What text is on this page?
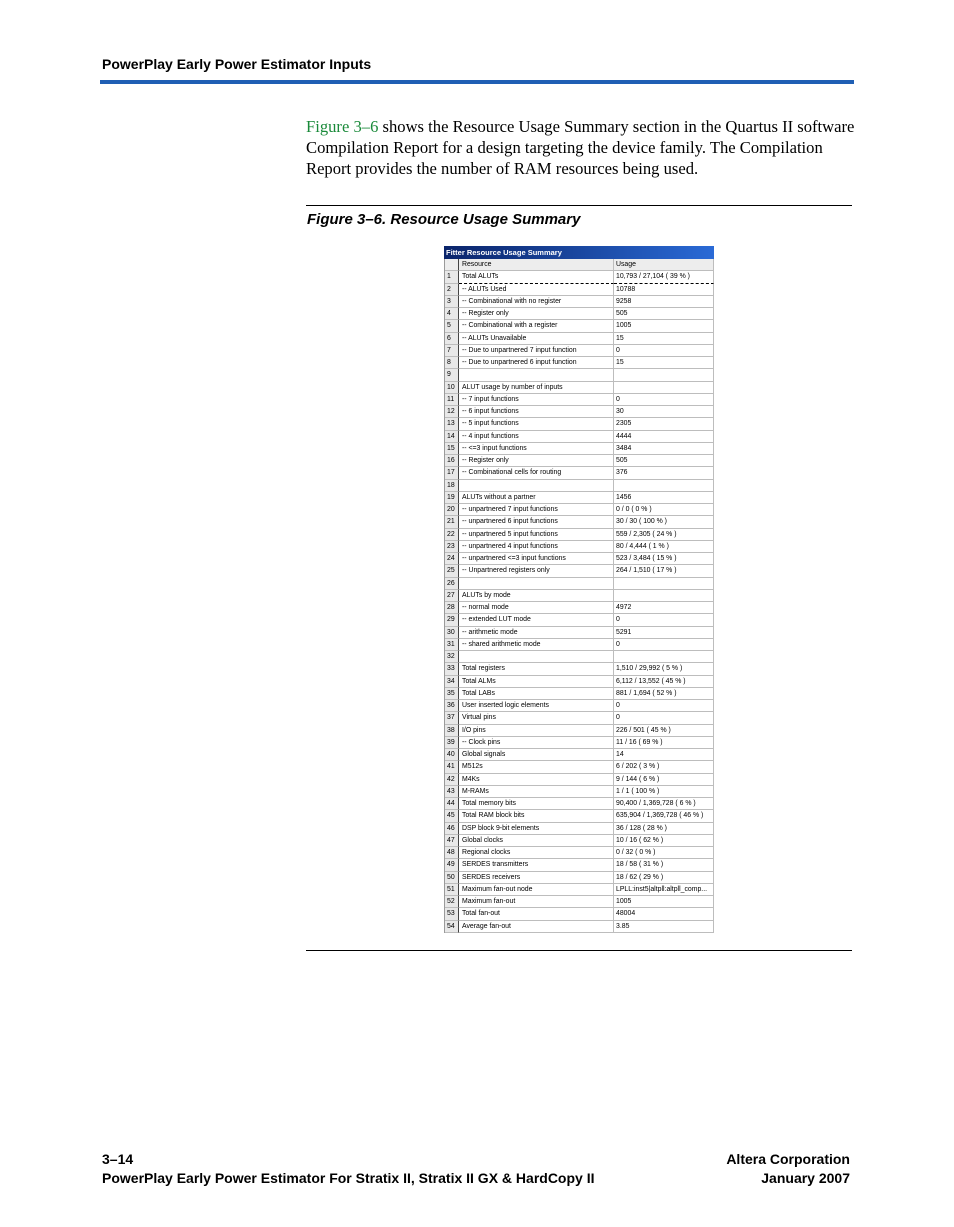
PowerPlay Early Power Estimator Inputs

Figure 3–6 shows the Resource Usage Summary section in the Quartus II software Compilation Report for a design targeting the device family. The Compilation Report provides the number of RAM resources being used.

Figure 3–6. Resource Usage Summary
Fitter Resource Usage Summary
Resource	Usage
1	Total ALUTs	10,793 / 27,104 ( 39 % )
2	-- ALUTs Used	10788
3	-- Combinational with no register	9258
4	-- Register only	505
5	-- Combinational with a register	1005
6	-- ALUTs Unavailable	15
7	-- Due to unpartnered 7 input function	0
8	-- Due to unpartnered 6 input function	15
9
10	ALUT usage by number of inputs
11	-- 7 input functions	0
12	-- 6 input functions	30
13	-- 5 input functions	2305
14	-- 4 input functions	4444
15	-- <=3 input functions	3484
16	-- Register only	505
17	-- Combinational cells for routing	376
18
19	ALUTs without a partner	1456
20	-- unpartnered 7 input functions	0 / 0 ( 0 % )
21	-- unpartnered 6 input functions	30 / 30 ( 100 % )
22	-- unpartnered 5 input functions	559 / 2,305 ( 24 % )
23	-- unpartnered 4 input functions	80 / 4,444 ( 1 % )
24	-- unpartnered <=3 input functions	523 / 3,484 ( 15 % )
25	-- Unpartnered registers only	264 / 1,510 ( 17 % )
26
27	ALUTs by mode
28	-- normal mode	4972
29	-- extended LUT mode	0
30	-- arithmetic mode	5291
31	-- shared arithmetic mode	0
32
33	Total registers	1,510 / 29,992 ( 5 % )
34	Total ALMs	6,112 / 13,552 ( 45 % )
35	Total LABs	881 / 1,694 ( 52 % )
36	User inserted logic elements	0
37	Virtual pins	0
38	I/O pins	226 / 501 ( 45 % )
39	-- Clock pins	11 / 16 ( 69 % )
40	Global signals	14
41	M512s	6 / 202 ( 3 % )
42	M4Ks	9 / 144 ( 6 % )
43	M-RAMs	1 / 1 ( 100 % )
44	Total memory bits	90,400 / 1,369,728 ( 6 % )
45	Total RAM block bits	635,904 / 1,369,728 ( 46 % )
46	DSP block 9-bit elements	36 / 128 ( 28 % )
47	Global clocks	10 / 16 ( 62 % )
48	Regional clocks	0 / 32 ( 0 % )
49	SERDES transmitters	18 / 58 ( 31 % )
50	SERDES receivers	18 / 62 ( 29 % )
51	Maximum fan-out node	LPLL:inst5|altpll:altpll_comp...
52	Maximum fan-out	1005
53	Total fan-out	48004
54	Average fan-out	3.85
3–14
PowerPlay Early Power Estimator For Stratix II, Stratix II GX & HardCopy II
Altera Corporation
January 2007
